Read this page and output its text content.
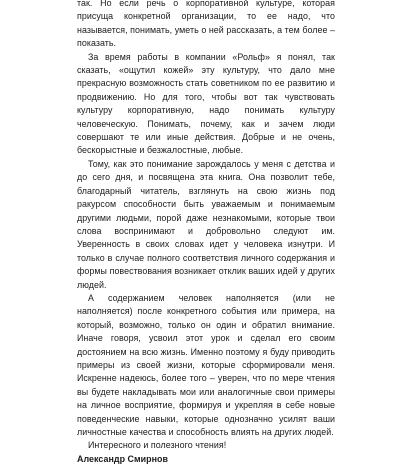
так. Но если речь о корпоративной культуре, которая присуща конкретной организации, то ее надо, что называется, понимать, уметь о ней рассказать, а тем более – показать.

За время работы в компании «Рольф» я понял, так сказать, «ощутил кожей» эту культуру, что дало мне прекрасную возможность стать советником по ее развитию и продвижению. Но для того, чтобы вот так чувствовать культуру корпоративную, надо понимать культуру человеческую. Понимать, почему, как и зачем люди совершают те или иные действия. Добрые и не очень, бескорыстные и безжалостные, любые.

Тому, как это понимание зарождалось у меня с детства и до сего дня, и посвящена эта книга. Она позволит тебе, благодарный читатель, взглянуть на свою жизнь под ракурсом способности быть уважаемым и понимаемым другими людьми, порой даже незнакомыми, которые твои слова воспринимают и добровольно следуют им. Уверенность в своих словах идет у человека изнутри. И только в случае полного соответствия личного содержания и формы повествования возникает отклик ваших идей у других людей.

А содержанием человек наполняется (или не наполняется) после конкретного события или примера, на который, возможно, только он один и обратил внимание. Иначе говоря, усвоил этот урок и сделал его своим достоянием на всю жизнь. Именно поэтому я буду приводить примеры из своей жизни, которые сформировали меня. Искренне надеюсь, более того – уверен, что по мере чтения вы будете накладывать мои или аналогичные свои примеры на личное восприятие, формируя и укрепляя в себе новые поведенческие навыки, которые однозначно усилят ваши личностные качества и способность влиять на других людей.

Интересного и полезного чтения!

Александр Смирнов
